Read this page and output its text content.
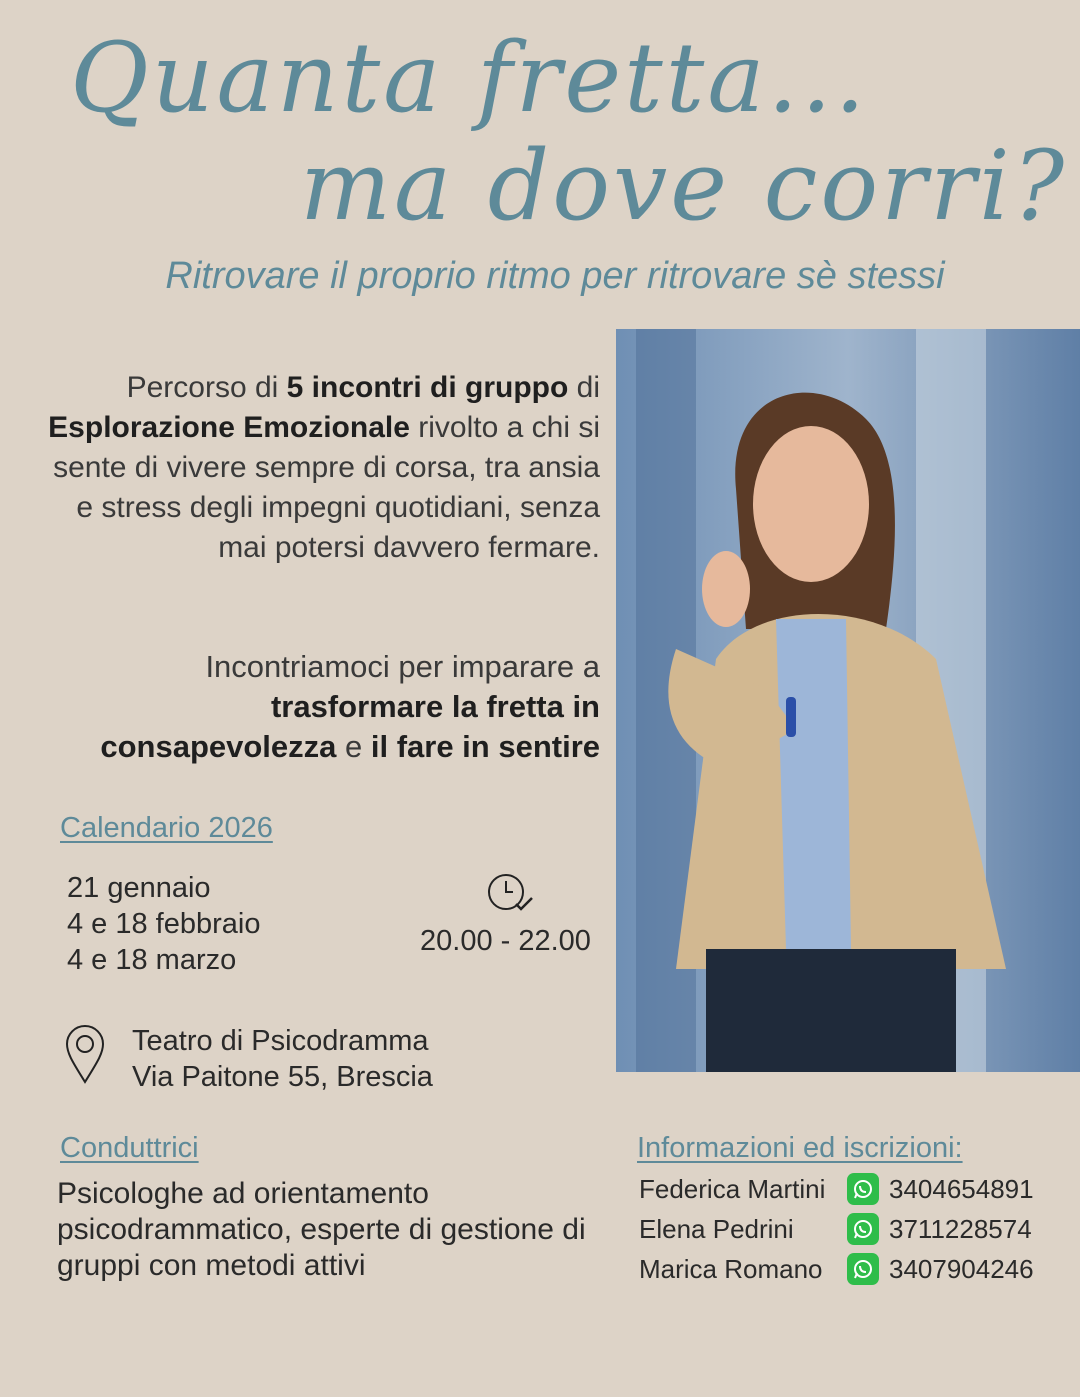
Quanta fretta...
ma dove corri?
Ritrovare il proprio ritmo per ritrovare sè stessi
Percorso di 5 incontri di gruppo di Esplorazione Emozionale rivolto a chi si sente di vivere sempre di corsa, tra ansia e stress degli impegni quotidiani, senza mai potersi davvero fermare.
Incontriamoci per imparare a trasformare la fretta in consapevolezza e il fare in sentire
Calendario 2026
21 gennaio
4 e 18 febbraio
4 e 18 marzo
20.00 - 22.00
Teatro di Psicodramma
Via Paitone 55, Brescia
Conduttrici
Psicologhe ad orientamento psicodrammatico, esperte di gestione di gruppi con metodi attivi
Informazioni ed iscrizioni:
Federica Martini	3404654891
Elena Pedrini	3711228574
Marica Romano	3407904246
